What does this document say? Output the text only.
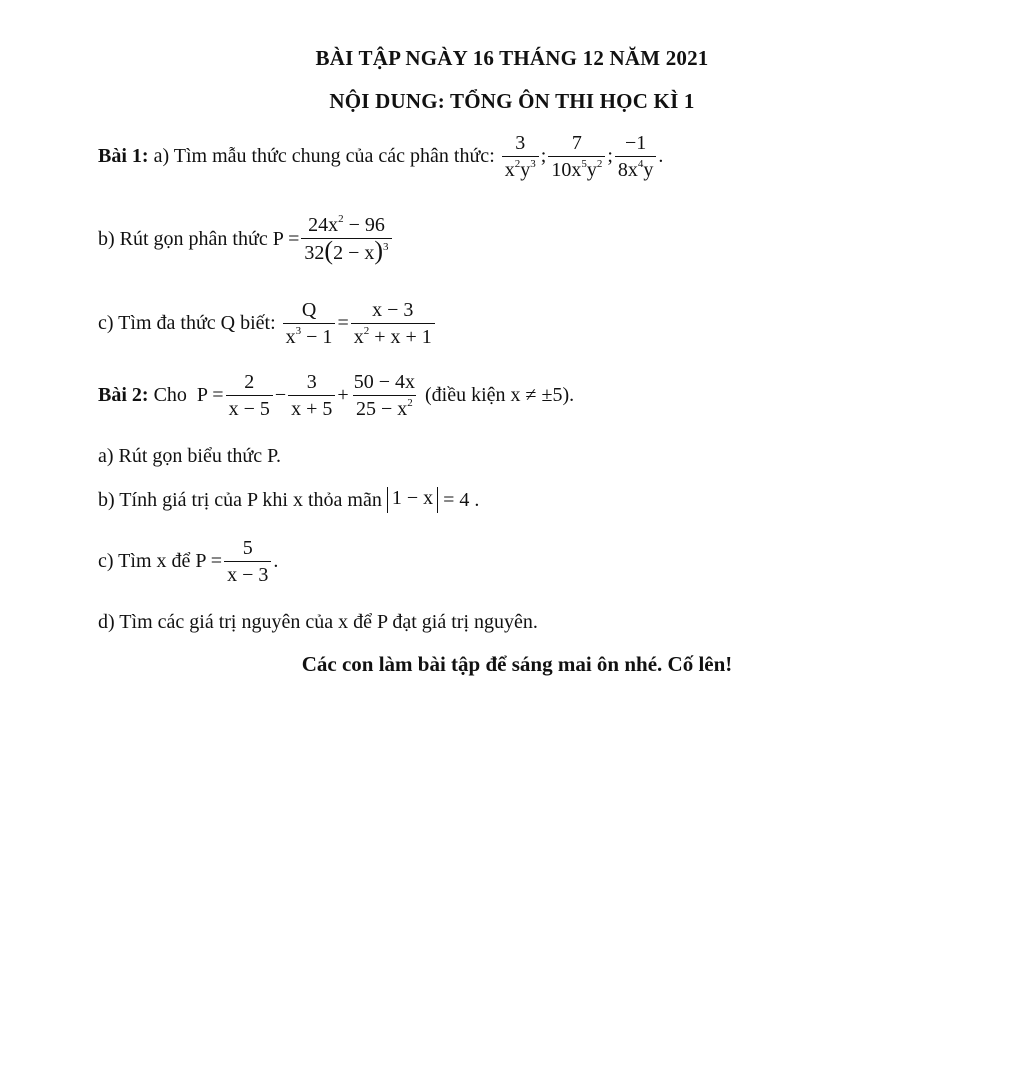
BÀI TẬP NGÀY 16 THÁNG 12 NĂM 2021
NỘI DUNG: TỔNG ÔN THI HỌC KÌ 1
Bài 1:
a) Tìm mẫu thức chung của các phân thức:
$\frac{3}{x^2y^3}$ ; $\frac{7}{10x^5y^2}$ ; $\frac{-1}{8x^4y}$ .
b) Rút gọn phân thức
$P = \frac{24x^2 - 96}{32(2 - x)^3}$
c) Tìm đa thức Q biết:
$\frac{Q}{x^3 - 1} = \frac{x - 3}{x^2 + x + 1}$
Bài 2:
Cho
$P = \frac{2}{x - 5} - \frac{3}{x + 5} + \frac{50 - 4x}{25 - x^2}$
(điều kiện
x ≠ ±5 ).
a) Rút gọn biểu thức P.
b) Tính giá trị của P khi x thỏa mãn
1 − x = 4 .
c) Tìm x để
$P = \frac{5}{x - 3}$ .
d) Tìm các giá trị nguyên của x để P đạt giá trị nguyên.
Các con làm bài tập để sáng mai ôn nhé. Cố lên!
